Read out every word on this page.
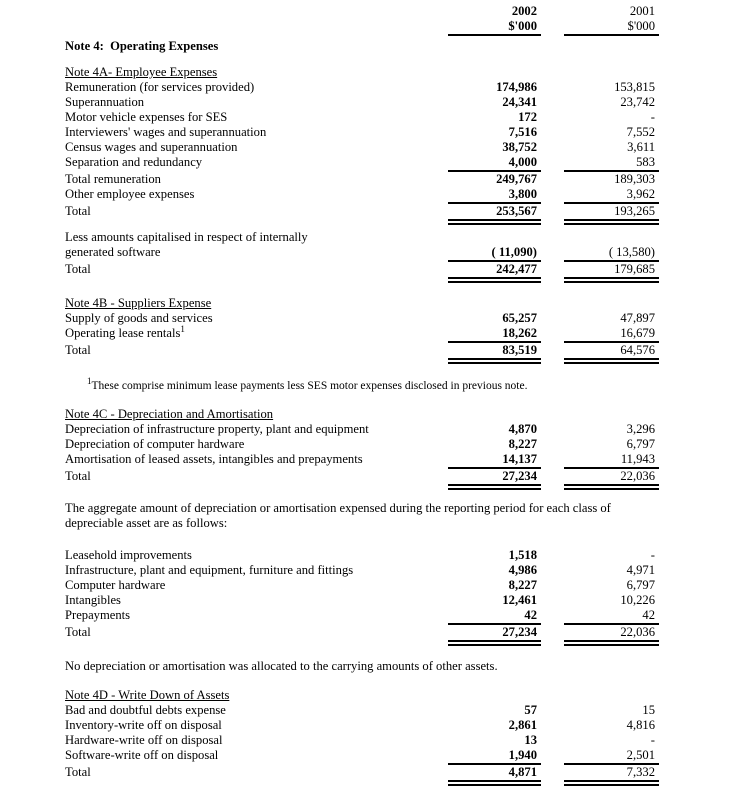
2002	2001
$'000	$'000
Note 4:  Operating Expenses
Note 4A- Employee Expenses
Remuneration (for services provided)	174,986	153,815
Superannuation	24,341	23,742
Motor vehicle expenses for SES	172	-
Interviewers' wages and superannuation	7,516	7,552
Census wages and superannuation	38,752	3,611
Separation and redundancy	4,000	583
Total remuneration	249,767	189,303
Other employee expenses	3,800	3,962
Total	253,567	193,265
Less amounts capitalised in respect of internally
generated software	( 11,090)	( 13,580)
Total	242,477	179,685
Note 4B - Suppliers Expense
Supply of goods and services	65,257	47,897
Operating lease rentals$^1$	18,262	16,679
Total	83,519	64,576
$^1$These comprise minimum lease payments less SES motor expenses disclosed in previous note.
Note 4C - Depreciation and Amortisation
Depreciation of infrastructure property, plant and equipment	4,870	3,296
Depreciation of computer hardware	8,227	6,797
Amortisation of leased assets, intangibles and prepayments	14,137	11,943
Total	27,234	22,036

The aggregate amount of depreciation or amortisation expensed during the reporting period for each class of depreciable asset are as follows:

Leasehold improvements	1,518	-
Infrastructure, plant and equipment, furniture and fittings	4,986	4,971
Computer hardware	8,227	6,797
Intangibles	12,461	10,226
Prepayments	42	42
Total	27,234	22,036

No depreciation or amortisation was allocated to the carrying amounts of other assets.

Note 4D - Write Down of Assets
Bad and doubtful debts expense	57	15
Inventory-write off on disposal	2,861	4,816
Hardware-write off on disposal	13	-
Software-write off on disposal	1,940	2,501
Total	4,871	7,332
